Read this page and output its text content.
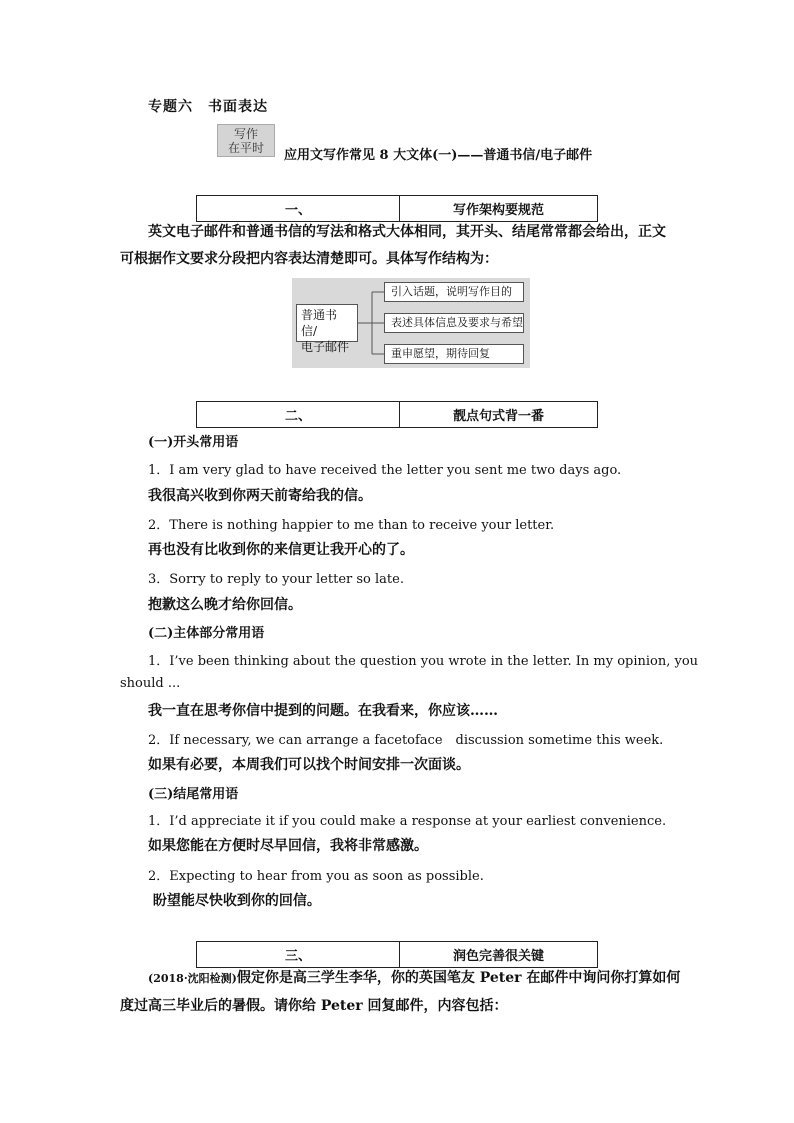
专题六　书面表达
写作
在平时	应用文写作常见 8 大文体(一)——普通书信/电子邮件
一、	写作架构要规范
英文电子邮件和普通书信的写法和格式大体相同，其开头、结尾常常都会给出，正文
可根据作文要求分段把内容表达清楚即可。具体写作结构为：
普通书信/
电子邮件
引入话题，说明写作目的
表述具体信息及要求与希望
重申愿望，期待回复
二、	靓点句式背一番
(一)开头常用语
1．I am very glad to have received the letter you sent me two days ago.
我很高兴收到你两天前寄给我的信。
2．There is nothing happier to me than to receive your letter.
再也没有比收到你的来信更让我开心的了。
3．Sorry to reply to your letter so late.
抱歉这么晚才给你回信。
(二)主体部分常用语
1．I’ve been thinking about the question you wrote in the letter. In my opinion, you
should ...
我一直在思考你信中提到的问题。在我看来，你应该……
2．If necessary, we can arrange a facetoface　discussion sometime this week.
如果有必要，本周我们可以找个时间安排一次面谈。
(三)结尾常用语
1．I’d appreciate it if you could make a response at your earliest convenience.
如果您能在方便时尽早回信，我将非常感激。
2．Expecting to hear from you as soon as possible.
盼望能尽快收到你的回信。
三、	润色完善很关键
(2018·沈阳检测)假定你是高三学生李华，你的英国笔友 Peter 在邮件中询问你打算如何
度过高三毕业后的暑假。请你给 Peter 回复邮件，内容包括：
